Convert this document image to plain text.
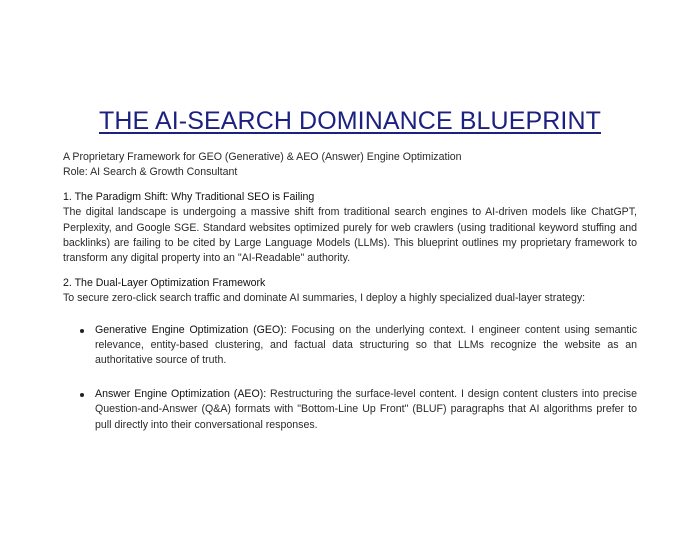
THE AI-SEARCH DOMINANCE BLUEPRINT

A Proprietary Framework for GEO (Generative) & AEO (Answer) Engine Optimization

Role: AI Search & Growth Consultant

1. The Paradigm Shift: Why Traditional SEO is Failing

The digital landscape is undergoing a massive shift from traditional search engines to AI-driven models like ChatGPT, Perplexity, and Google SGE. Standard websites optimized purely for web crawlers (using traditional keyword stuffing and backlinks) are failing to be cited by Large Language Models (LLMs). This blueprint outlines my proprietary framework to transform any digital property into an "AI-Readable" authority.

2. The Dual-Layer Optimization Framework

To secure zero-click search traffic and dominate AI summaries, I deploy a highly specialized dual-layer strategy:

Generative Engine Optimization (GEO): Focusing on the underlying context. I engineer content using semantic relevance, entity-based clustering, and factual data structuring so that LLMs recognize the website as an authoritative source of truth.
Answer Engine Optimization (AEO): Restructuring the surface-level content. I design content clusters into precise Question-and-Answer (Q&A) formats with "Bottom-Line Up Front" (BLUF) paragraphs that AI algorithms prefer to pull directly into their conversational responses.
